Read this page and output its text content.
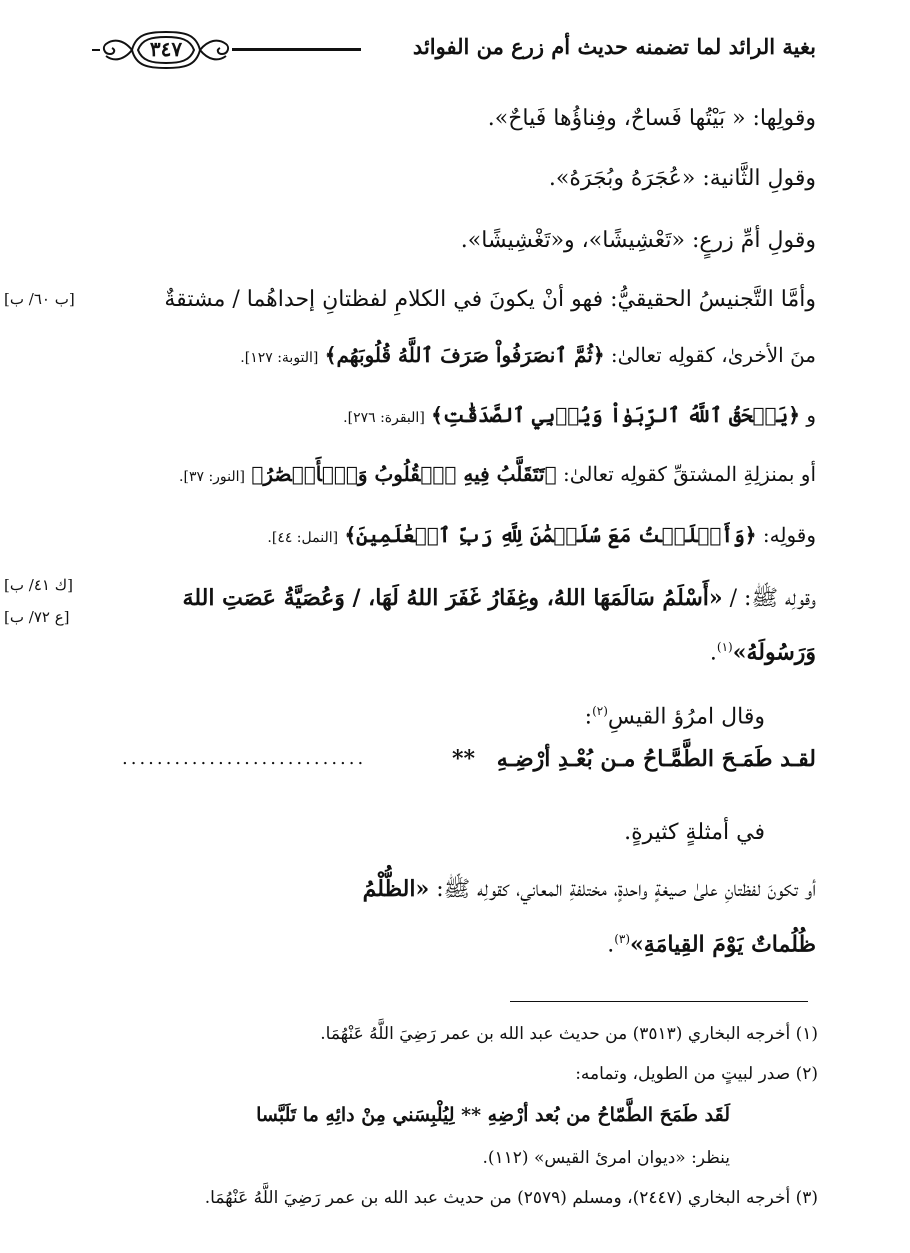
بغية الرائد لما تضمنه حديث أم زرع من الفوائد
٣٤٧
وقولِها: « بَيْتُها فَساحٌ، وفِناؤُها فَياحٌ».
وقولِ الثَّانية: «عُجَرَهُ وبُجَرَهُ».
وقولِ أمِّ زرعٍ: «تَعْشِيشًا»، و«تَغْشِيشًا».
وأمَّا التَّجنيسُ الحقيقيُّ: فهو أنْ يكونَ في الكلامِ لفظتانِ إحداهُما / مشتقةٌ
[ب ٦٠/ ب]
منَ الأخرىٰ، كقولِه تعالىٰ: ﴿ثُمَّ ٱنصَرَفُواْ صَرَفَ ٱللَّهُ قُلُوبَهُم﴾ [التوبة: ١٢٧].
و ﴿يَمۡحَقُ ٱللَّهُ ٱلرِّبَوٰاْ وَيُرۡبِي ٱلصَّدَقَٰتِ﴾ [البقرة: ٢٧٦].
أو بمنزلِةِ المشتقِّ كقولِه تعالىٰ: ﴿تَتَقَلَّبُ فِيهِ ٱلۡقُلُوبُ وَٱلۡأَبۡصَٰرُ﴾ [النور: ٣٧].
وقولِه: ﴿وَأَسۡلَمۡتُ مَعَ سُلَيۡمَٰنَ لِلَّهِ رَبِّ ٱلۡعَٰلَمِينَ﴾ [النمل: ٤٤].
وقولِه ﷺ: / «أَسْلَمُ سَالَمَهَا اللهُ، وغِفَارُ غَفَرَ اللهُ لَهَا، / وَعُصَيَّةُ عَصَتِ اللهَ
[ك ٤١/ ب]
[ع ٧٢/ ب]
وَرَسُولَهُ»$^{(١)}$.
وقال امرُؤ القيسِ$^{(٢)}$:
لقـد طَمَـحَ الطَّمَّـاحُ مـن بُعْـدِ أرْضِـهِ **
............................
في أمثلةٍ كثيرةٍ.
أو تكونَ لفظتانِ علىٰ صيغةٍ واحدةٍ، مختلفةِ المعاني، كقولِه ﷺ: «الظُّلْمُ
ظُلُماتٌ يَوْمَ القِيامَةِ»$^{(٣)}$.
(١) أخرجه البخاري (٣٥١٣) من حديث عبد الله بن عمر رَضِيَ اللَّهُ عَنْهُمَا.
(٢) صدر لبيتٍ من الطويل، وتمامه:
لَقَد طَمَحَ الطَّمّاحُ من بُعد أرْضِهِ ** لِيُلْبِسَني مِنْ دائِهِ ما تَلَبَّسا
ينظر: «ديوان امرئ القيس» (١١٢).
(٣) أخرجه البخاري (٢٤٤٧)، ومسلم (٢٥٧٩) من حديث عبد الله بن عمر رَضِيَ اللَّهُ عَنْهُمَا.
